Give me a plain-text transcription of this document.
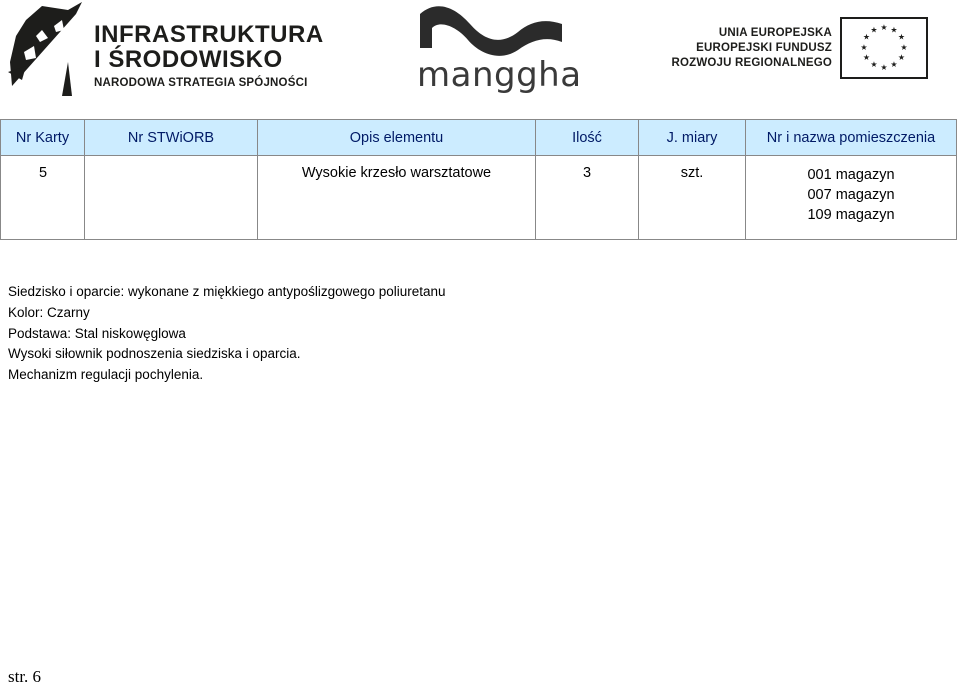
INFRASTRUKTURA
I ŚRODOWISKO
NARODOWA STRATEGIA SPÓJNOŚCI	manggha
UNIA EUROPEJSKA
EUROPEJSKI FUNDUSZ
ROZWOJU REGIONALNEGO
★ ★
★
★
★
★
★
★
★
★
★
★
Nr Karty	Nr STWiORB	Opis elementu	Ilość	J. miary	Nr i nazwa pomieszczenia
5		Wysokie krzesło warsztatowe	3	szt.	001 magazyn
007 magazyn
109 magazyn
Siedzisko i oparcie: wykonane z miękkiego antypoślizgowego poliuretanu
Kolor: Czarny
Podstawa: Stal niskowęglowa
Wysoki siłownik podnoszenia siedziska i oparcia.
Mechanizm regulacji pochylenia.
str. 6
